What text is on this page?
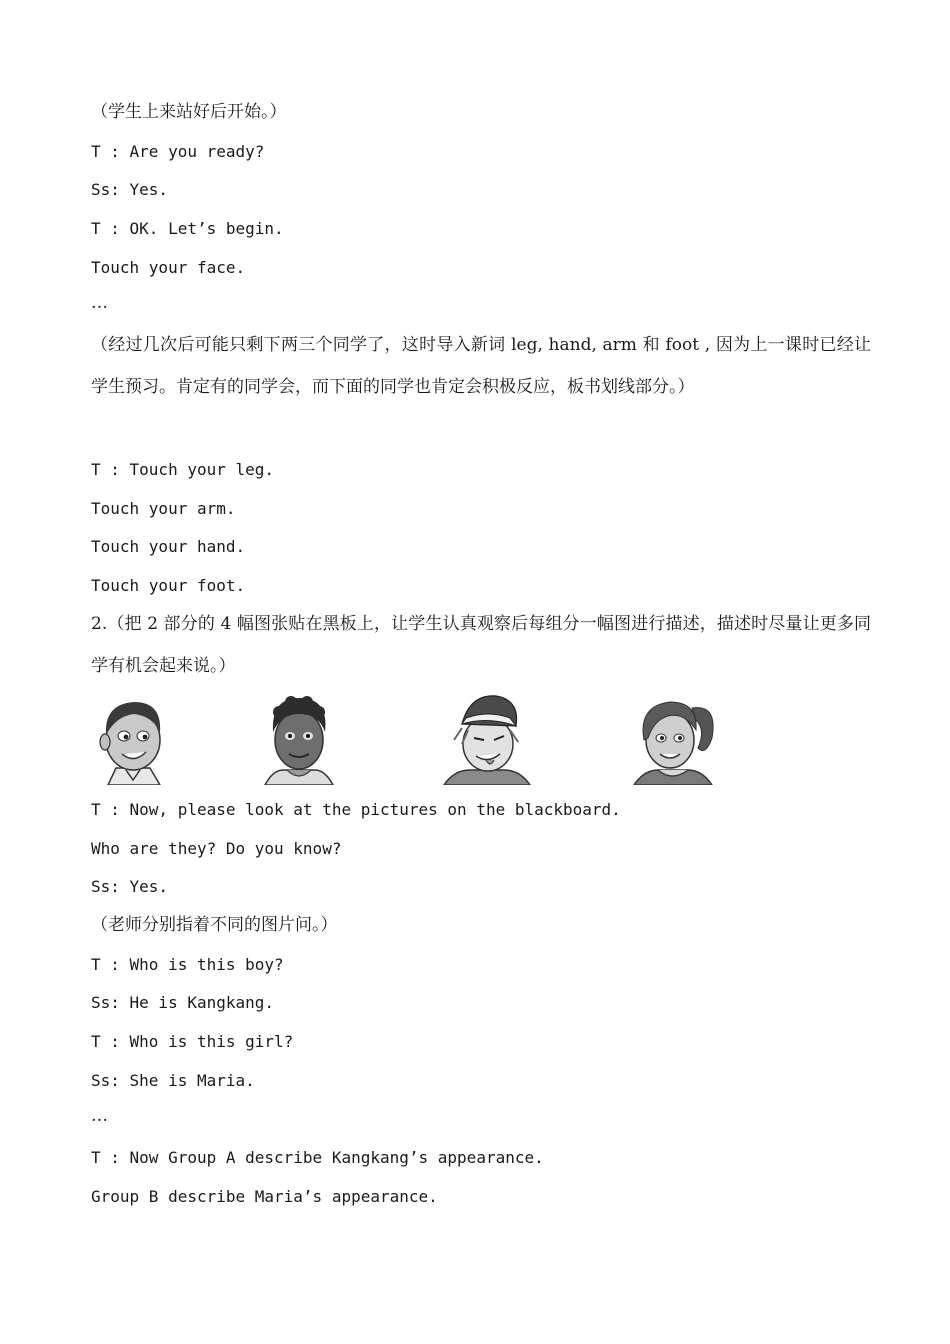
（学生上来站好后开始。）
T : Are you ready?
Ss: Yes.
T : OK. Let’s begin.
Touch your face.
…
（经过几次后可能只剩下两三个同学了，这时导入新词 leg, hand, arm 和 foot , 因为上一课时已经让学生预习。肯定有的同学会，而下面的同学也肯定会积极反应，板书划线部分。）
T : Touch your leg.
Touch your arm.
Touch your hand.
Touch your foot.
2.（把 2 部分的 4 幅图张贴在黑板上，让学生认真观察后每组分一幅图进行描述，描述时尽量让更多同学有机会起来说。）
T : Now, please look at the pictures on the blackboard.
Who are they? Do you know?
Ss: Yes.
（老师分别指着不同的图片问。）
T : Who is this boy?
Ss: He is Kangkang.
T : Who is this girl?
Ss: She is Maria.
…
T : Now Group A describe Kangkang’s appearance.
Group B describe Maria’s appearance.
